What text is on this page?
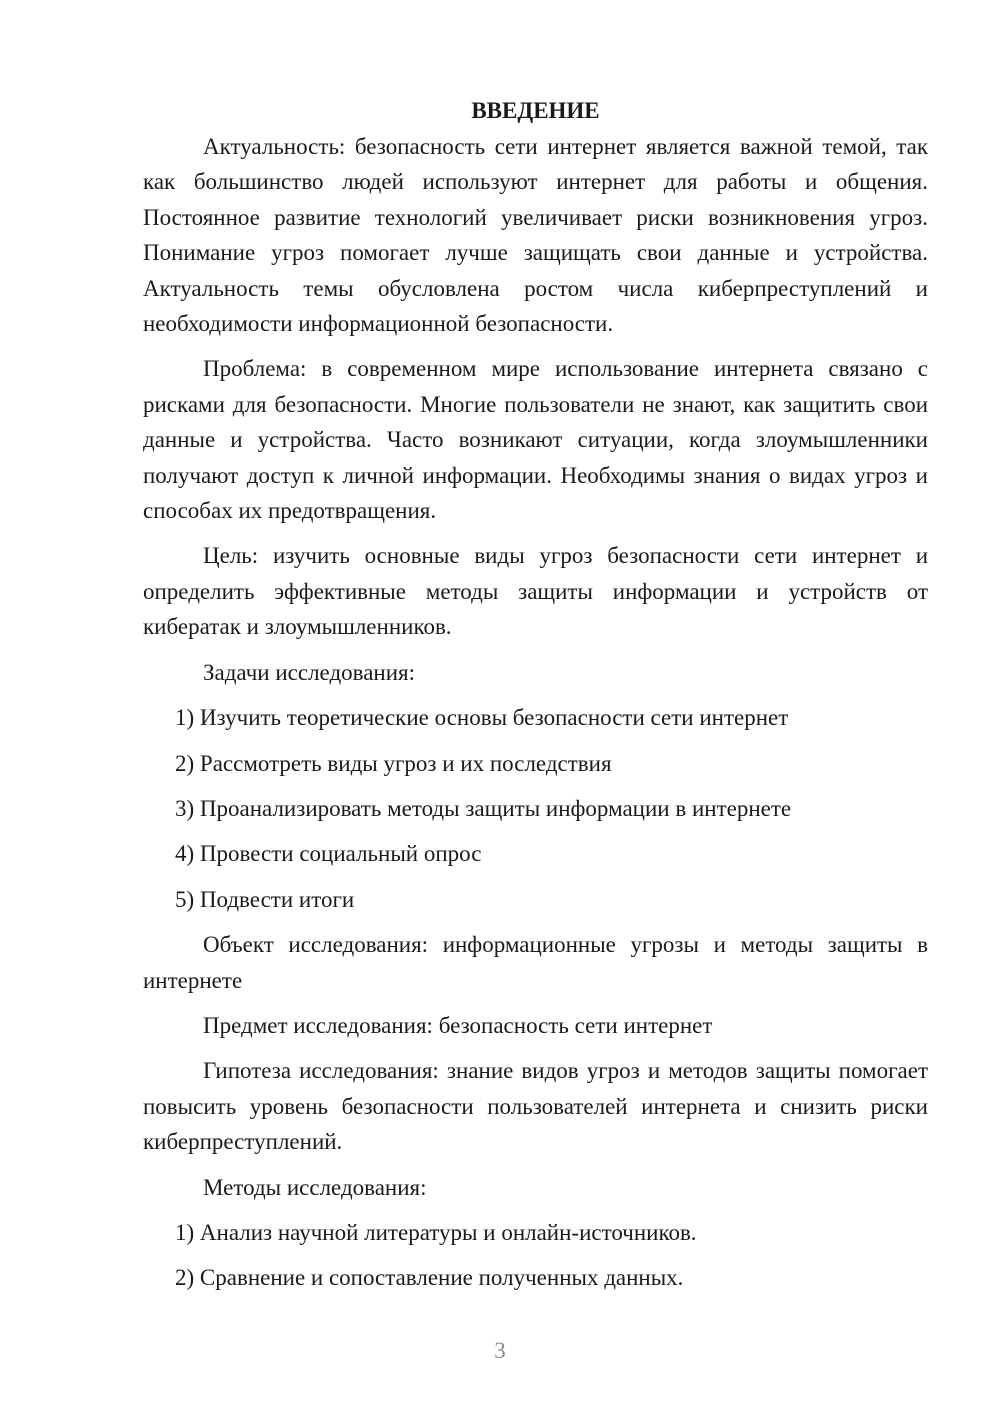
ВВЕДЕНИЕ

Актуальность: безопасность сети интернет является важной темой, так как большинство людей используют интернет для работы и общения. Постоянное развитие технологий увеличивает риски возникновения угроз. Понимание угроз помогает лучше защищать свои данные и устройства. Актуальность темы обусловлена ростом числа киберпреступлений и необходимости информационной безопасности.

Проблема: в современном мире использование интернета связано с рисками для безопасности. Многие пользователи не знают, как защитить свои данные и устройства. Часто возникают ситуации, когда злоумышленники получают доступ к личной информации. Необходимы знания о видах угроз и способах их предотвращения.

Цель: изучить основные виды угроз безопасности сети интернет и определить эффективные методы защиты информации и устройств от кибератак и злоумышленников.

Задачи исследования:

1) Изучить теоретические основы безопасности сети интернет

2) Рассмотреть виды угроз и их последствия

3) Проанализировать методы защиты информации в интернете

4) Провести социальный опрос

5) Подвести итоги

Объект исследования: информационные угрозы и методы защиты в интернете

Предмет исследования: безопасность сети интернет

Гипотеза исследования: знание видов угроз и методов защиты помогает повысить уровень безопасности пользователей интернета и снизить риски киберпреступлений.

Методы исследования:

1) Анализ научной литературы и онлайн-источников.

2) Сравнение и сопоставление полученных данных.

3
